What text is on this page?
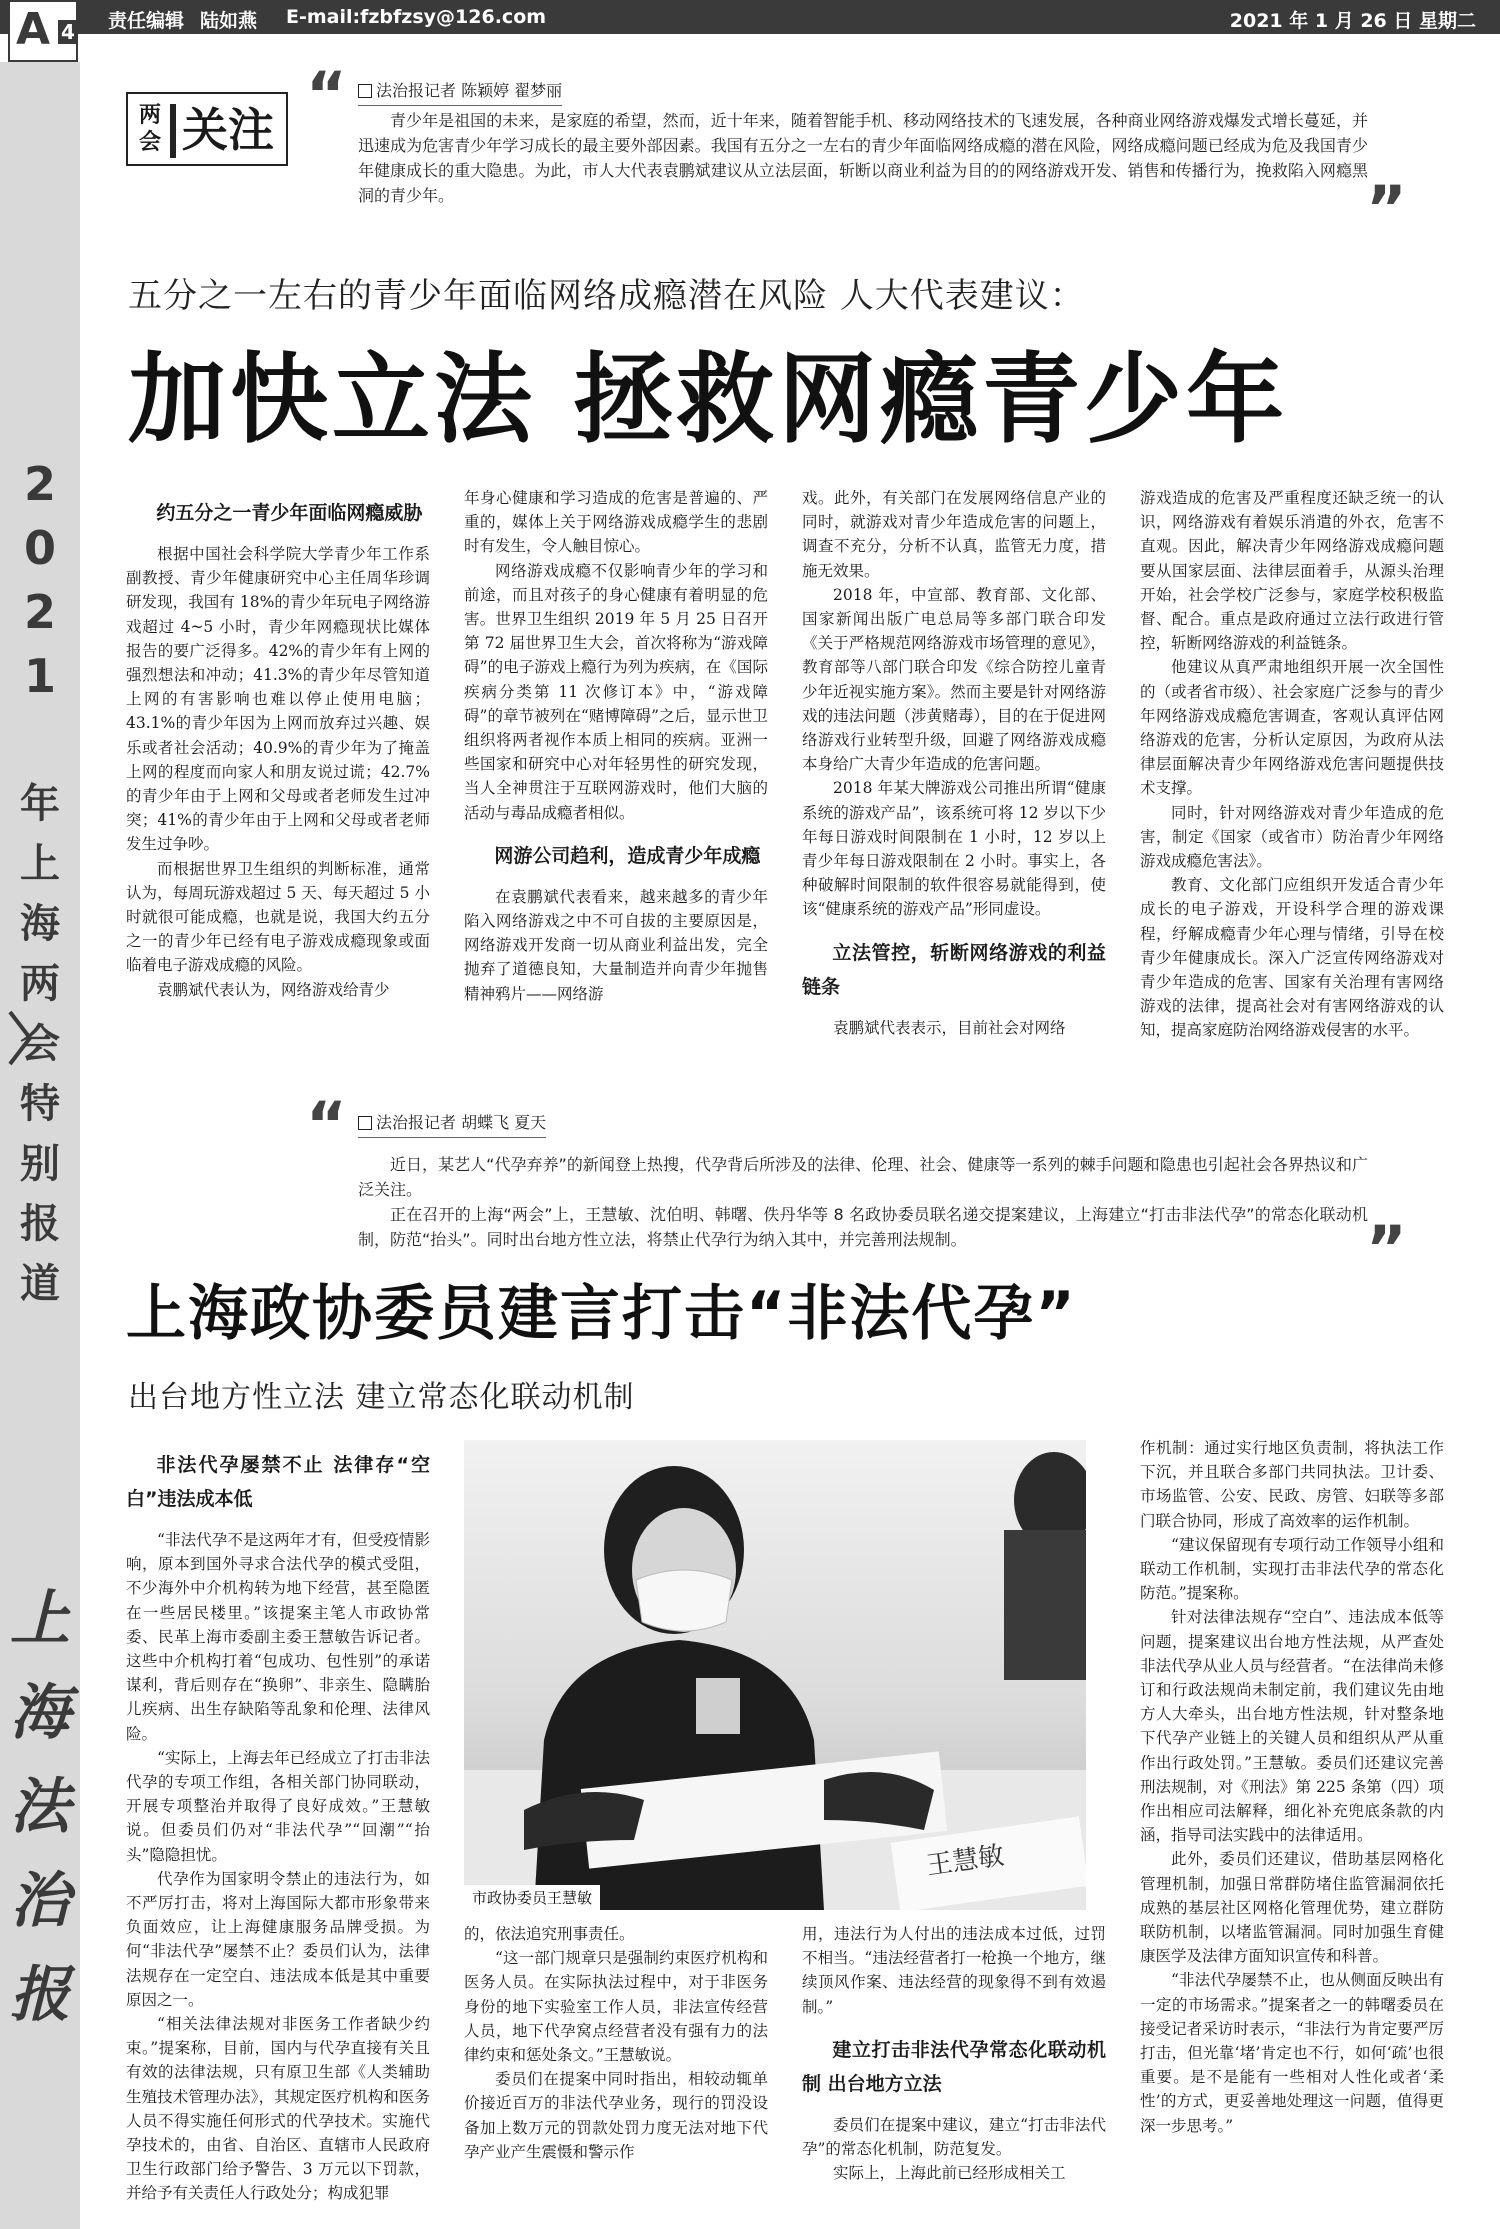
责任编辑 陆如燕 E-mail:fzbfzsy@126.com	2021 年 1 月 26 日 星期二
A 4
2
0
2
1
年
上
海
两
会
特
别
报
道
上
海
法
治
报
两会 关注 “	法治报记者 陈颖婷 翟梦丽

青少年是祖国的未来，是家庭的希望，然而，近十年来，随着智能手机、移动网络技术的飞速发展，各种商业网络游戏爆发式增长蔓延，并迅速成为危害青少年学习成长的最主要外部因素。我国有五分之一左右的青少年面临网络成瘾的潜在风险，网络成瘾问题已经成为危及我国青少年健康成长的重大隐患。为此，市人大代表袁鹏斌建议从立法层面，斩断以商业利益为目的的网络游戏开发、销售和传播行为，挽救陷入网瘾黑洞的青少年。	”
五分之一左右的青少年面临网络成瘾潜在风险 人大代表建议：
加快立法 拯救网瘾青少年
约五分之一青少年面临网瘾威胁

根据中国社会科学院大学青少年工作系副教授、青少年健康研究中心主任周华珍调研发现，我国有 18%的青少年玩电子网络游戏超过 4~5 小时，青少年网瘾现状比媒体报告的要广泛得多。42%的青少年有上网的强烈想法和冲动；41.3%的青少年尽管知道上网的有害影响也难以停止使用电脑；43.1%的青少年因为上网而放弃过兴趣、娱乐或者社会活动；40.9%的青少年为了掩盖上网的程度而向家人和朋友说过谎；42.7%的青少年由于上网和父母或者老师发生过冲突；41%的青少年由于上网和父母或者老师发生过争吵。

而根据世界卫生组织的判断标准，通常认为，每周玩游戏超过 5 天、每天超过 5 小时就很可能成瘾，也就是说，我国大约五分之一的青少年已经有电子游戏成瘾现象或面临着电子游戏成瘾的风险。

袁鹏斌代表认为，网络游戏给青少

年身心健康和学习造成的危害是普遍的、严重的，媒体上关于网络游戏成瘾学生的悲剧时有发生，令人触目惊心。

网络游戏成瘾不仅影响青少年的学习和前途，而且对孩子的身心健康有着明显的危害。世界卫生组织 2019 年 5 月 25 日召开第 72 届世界卫生大会，首次将称为“游戏障碍”的电子游戏上瘾行为列为疾病，在《国际疾病分类第 11 次修订本》中，“游戏障碍”的章节被列在“赌博障碍”之后，显示世卫组织将两者视作本质上相同的疾病。亚洲一些国家和研究中心对年轻男性的研究发现，当人全神贯注于互联网游戏时，他们大脑的活动与毒品成瘾者相似。

网游公司趋利，造成青少年成瘾

在袁鹏斌代表看来，越来越多的青少年陷入网络游戏之中不可自拔的主要原因是，网络游戏开发商一切从商业利益出发，完全抛弃了道德良知，大量制造并向青少年抛售精神鸦片——网络游

戏。此外，有关部门在发展网络信息产业的同时，就游戏对青少年造成危害的问题上，调查不充分，分析不认真，监管无力度，措施无效果。

2018 年，中宣部、教育部、文化部、国家新闻出版广电总局等多部门联合印发《关于严格规范网络游戏市场管理的意见》，教育部等八部门联合印发《综合防控儿童青少年近视实施方案》。然而主要是针对网络游戏的违法问题（涉黄赌毒），目的在于促进网络游戏行业转型升级，回避了网络游戏成瘾本身给广大青少年造成的危害问题。

2018 年某大牌游戏公司推出所谓“健康系统的游戏产品”，该系统可将 12 岁以下少年每日游戏时间限制在 1 小时，12 岁以上青少年每日游戏限制在 2 小时。事实上，各种破解时间限制的软件很容易就能得到，使该“健康系统的游戏产品”形同虚设。

立法管控，斩断网络游戏的利益链条

袁鹏斌代表表示，目前社会对网络

游戏造成的危害及严重程度还缺乏统一的认识，网络游戏有着娱乐消遣的外衣，危害不直观。因此，解决青少年网络游戏成瘾问题要从国家层面、法律层面着手，从源头治理开始，社会学校广泛参与，家庭学校积极监督、配合。重点是政府通过立法行政进行管控，斩断网络游戏的利益链条。

他建议从真严肃地组织开展一次全国性的（或者省市级）、社会家庭广泛参与的青少年网络游戏成瘾危害调查，客观认真评估网络游戏的危害，分析认定原因，为政府从法律层面解决青少年网络游戏危害问题提供技术支撑。

同时，针对网络游戏对青少年造成的危害，制定《国家（或省市）防治青少年网络游戏成瘾危害法》。

教育、文化部门应组织开发适合青少年成长的电子游戏，开设科学合理的游戏课程，纾解成瘾青少年心理与情绪，引导在校青少年健康成长。深入广泛宣传网络游戏对青少年造成的危害、国家有关治理有害网络游戏的法律，提高社会对有害网络游戏的认知，提高家庭防治网络游戏侵害的水平。

“	法治报记者 胡蝶飞 夏天

近日，某艺人“代孕弃养”的新闻登上热搜，代孕背后所涉及的法律、伦理、社会、健康等一系列的棘手问题和隐患也引起社会各界热议和广泛关注。

正在召开的上海“两会”上，王慧敏、沈伯明、韩曙、佚丹华等 8 名政协委员联名递交提案建议，上海建立“打击非法代孕”的常态化联动机制，防范“抬头”。同时出台地方性立法，将禁止代孕行为纳入其中，并完善刑法规制。	”
上海政协委员建言打击“非法代孕”
出台地方性立法 建立常态化联动机制
王慧敏
市政协委员王慧敏
非法代孕屡禁不止 法律存“空白”违法成本低

“非法代孕不是这两年才有，但受疫情影响，原本到国外寻求合法代孕的模式受阻，不少海外中介机构转为地下经营，甚至隐匿在一些居民楼里。”该提案主笔人市政协常委、民革上海市委副主委王慧敏告诉记者。这些中介机构打着“包成功、包性别”的承诺谋利，背后则存在“换卵”、非亲生、隐瞒胎儿疾病、出生存缺陷等乱象和伦理、法律风险。

“实际上，上海去年已经成立了打击非法代孕的专项工作组，各相关部门协同联动，开展专项整治并取得了良好成效。”王慧敏说。但委员们仍对“非法代孕”“回潮”“抬头”隐隐担忧。

代孕作为国家明令禁止的违法行为，如不严厉打击，将对上海国际大都市形象带来负面效应，让上海健康服务品牌受损。为何“非法代孕”屡禁不止？委员们认为，法律法规存在一定空白、违法成本低是其中重要原因之一。

“相关法律法规对非医务工作者缺少约束。”提案称，目前，国内与代孕直接有关且有效的法律法规，只有原卫生部《人类辅助生殖技术管理办法》，其规定医疗机构和医务人员不得实施任何形式的代孕技术。实施代孕技术的，由省、自治区、直辖市人民政府卫生行政部门给予警告、3 万元以下罚款，并给予有关责任人行政处分；构成犯罪

的，依法追究刑事责任。

“这一部门规章只是强制约束医疗机构和医务人员。在实际执法过程中，对于非医务身份的地下实验室工作人员，非法宣传经营人员，地下代孕窝点经营者没有强有力的法律约束和惩处条文。”王慧敏说。

委员们在提案中同时指出，相较动辄单价接近百万的非法代孕业务，现行的罚没设备加上数万元的罚款处罚力度无法对地下代孕产业产生震慑和警示作

用，违法行为人付出的违法成本过低，过罚不相当。“违法经营者打一枪换一个地方，继续顶风作案、违法经营的现象得不到有效遏制。”

建立打击非法代孕常态化联动机制 出台地方立法

委员们在提案中建议，建立“打击非法代孕”的常态化机制，防范复发。

实际上，上海此前已经形成相关工

作机制：通过实行地区负责制，将执法工作下沉，并且联合多部门共同执法。卫计委、市场监管、公安、民政、房管、妇联等多部门联合协同，形成了高效率的运作机制。

“建议保留现有专项行动工作领导小组和联动工作机制，实现打击非法代孕的常态化防范。”提案称。

针对法律法规存“空白”、违法成本低等问题，提案建议出台地方性法规，从严查处非法代孕从业人员与经营者。“在法律尚未修订和行政法规尚未制定前，我们建议先由地方人大牵头，出台地方性法规，针对整条地下代孕产业链上的关键人员和组织从严从重作出行政处罚。”王慧敏。委员们还建议完善刑法规制，对《刑法》第 225 条第（四）项作出相应司法解释，细化补充兜底条款的内涵，指导司法实践中的法律适用。

此外，委员们还建议，借助基层网格化管理机制，加强日常群防堵住监管漏洞依托成熟的基层社区网格化管理优势，建立群防联防机制，以堵监管漏洞。同时加强生育健康医学及法律方面知识宣传和科普。

“非法代孕屡禁不止，也从侧面反映出有一定的市场需求。”提案者之一的韩曙委员在接受记者采访时表示，“非法行为肯定要严厉打击，但光靠‘堵’肯定也不行，如何‘疏’也很重要。是不是能有一些相对人性化或者‘柔性’的方式，更妥善地处理这一问题，值得更深一步思考。”
